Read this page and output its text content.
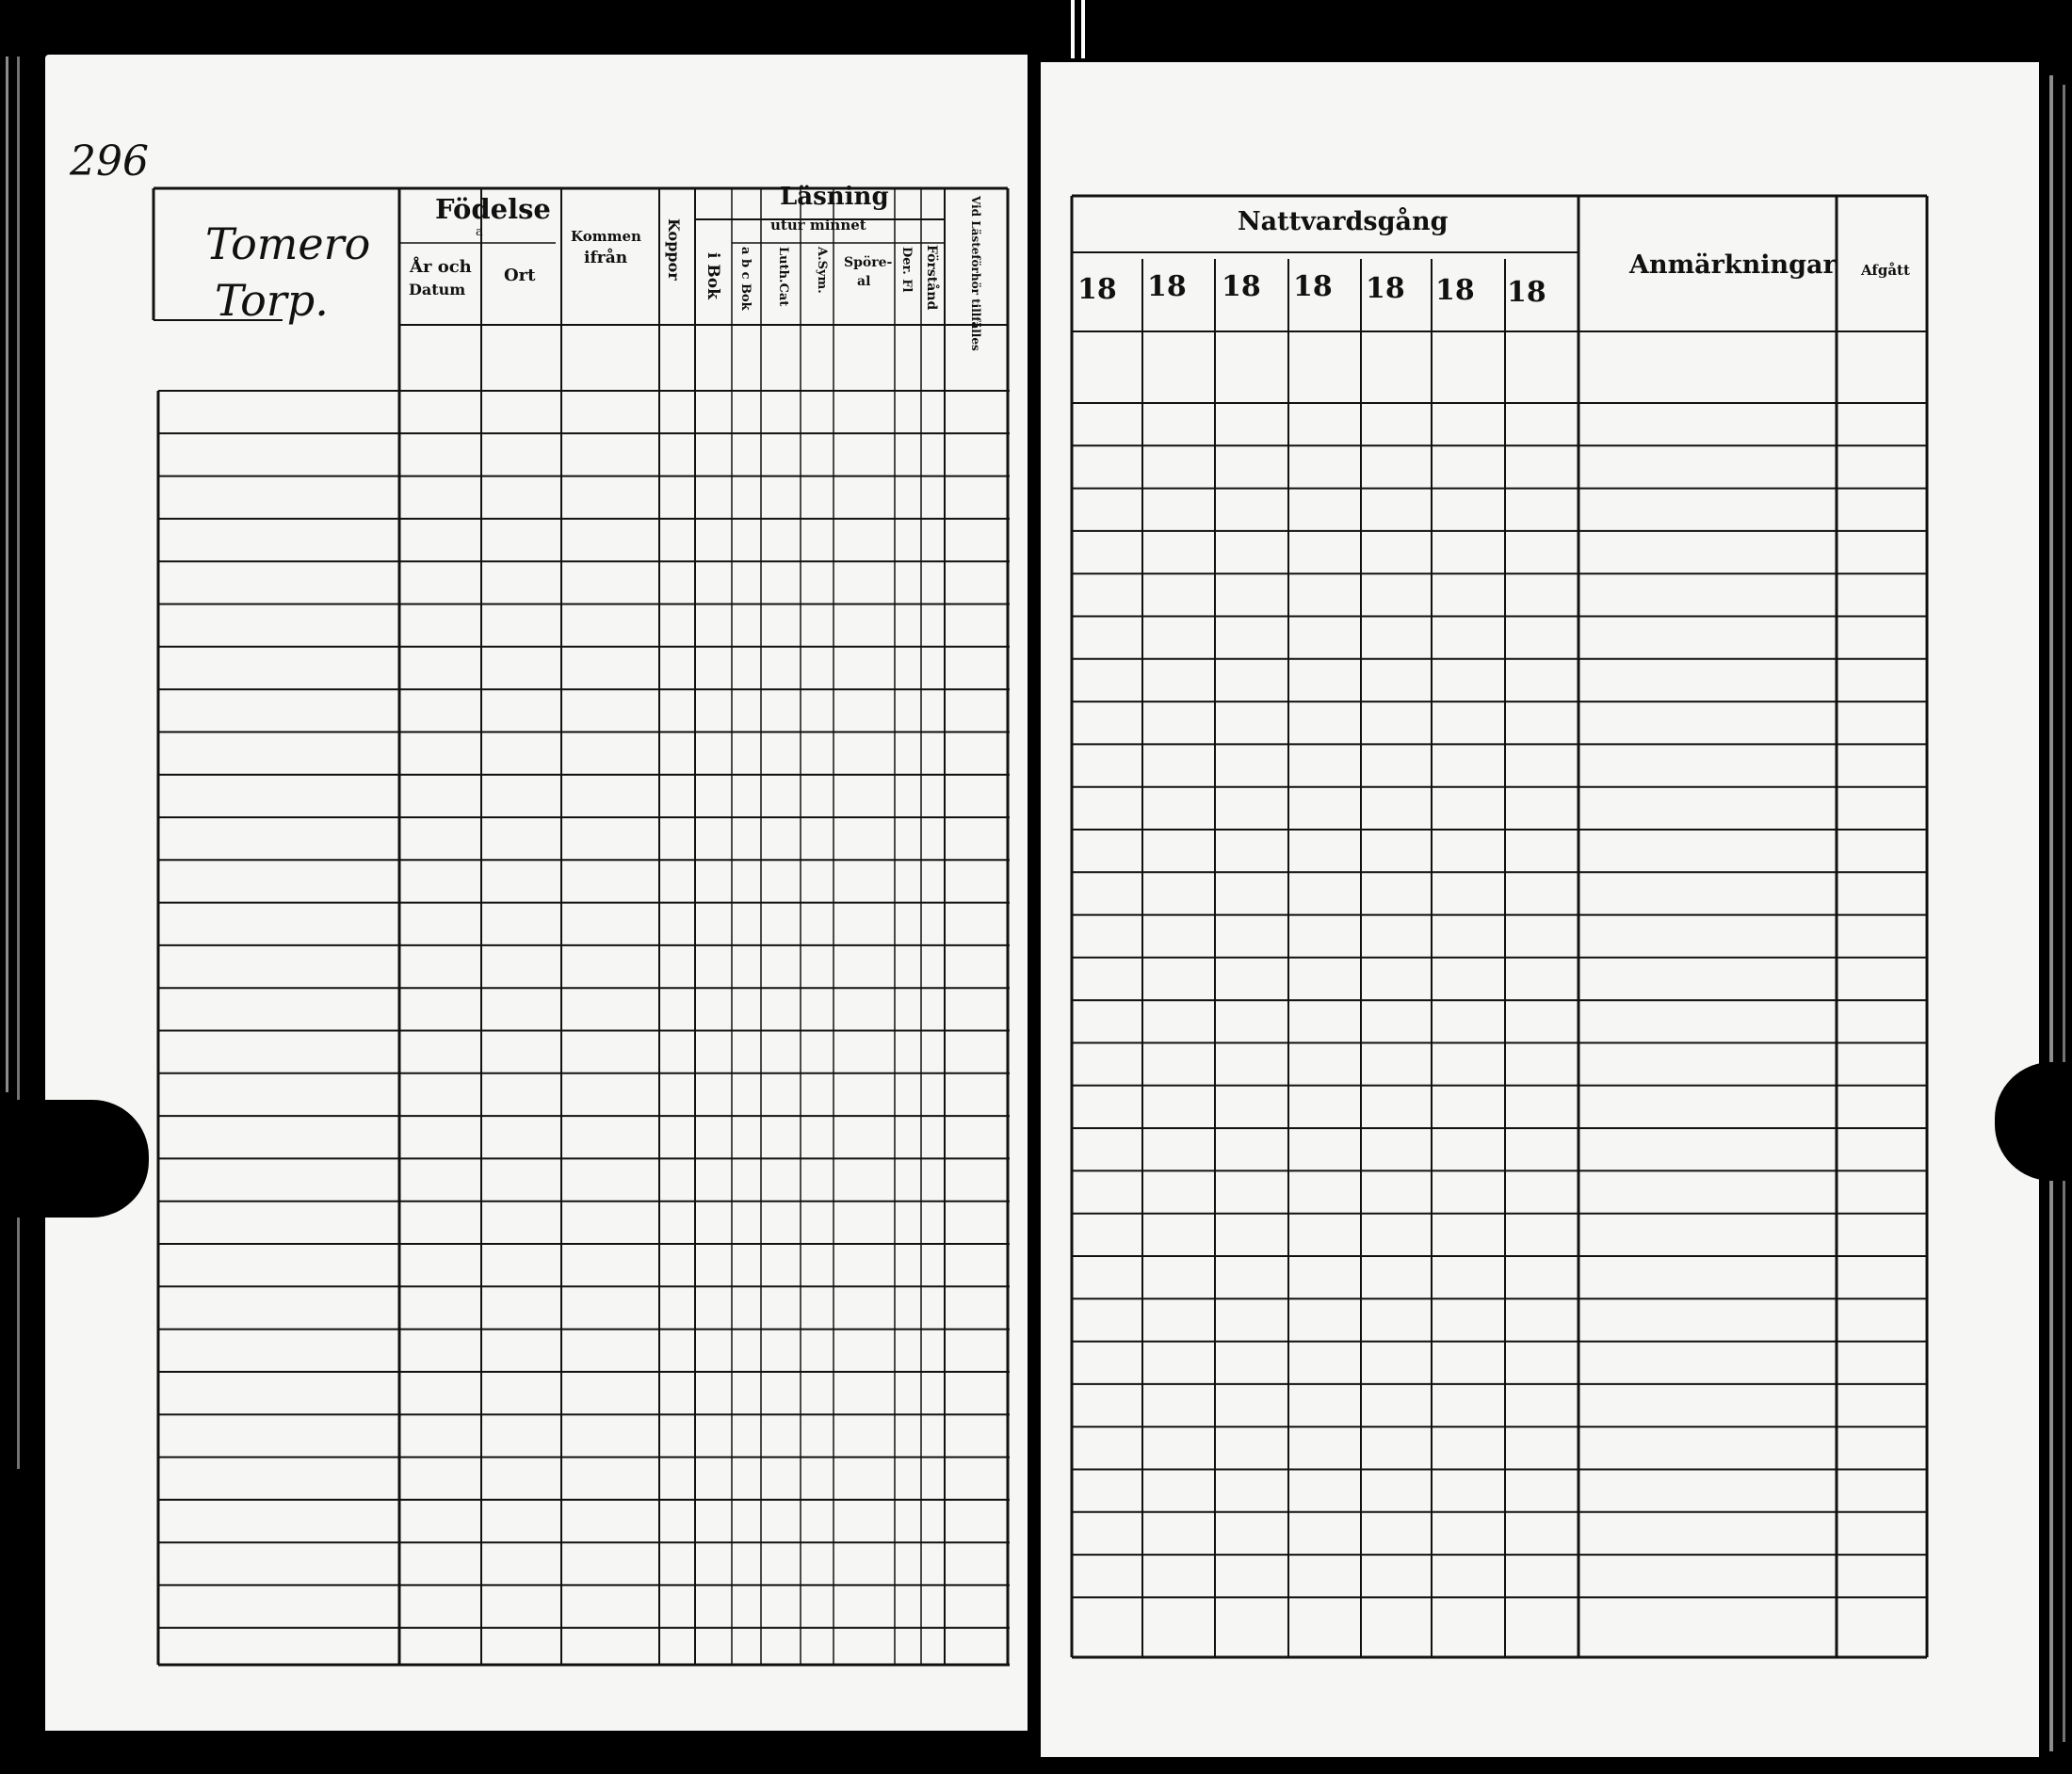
296
Tomero
Torp.
Födelse
a
År och
Datum
Ort
Kommen
ifrån Koppor
Läsning
utur minnet
i Bok a b c Bok Luth.Cat A.Sym. Spöre-
al Der. Fl Förstånd	Vid Lästeförhör tillfälles	Nattvardsgång
18 18 18 18 18 18 18
Anmärkningar Afgått
